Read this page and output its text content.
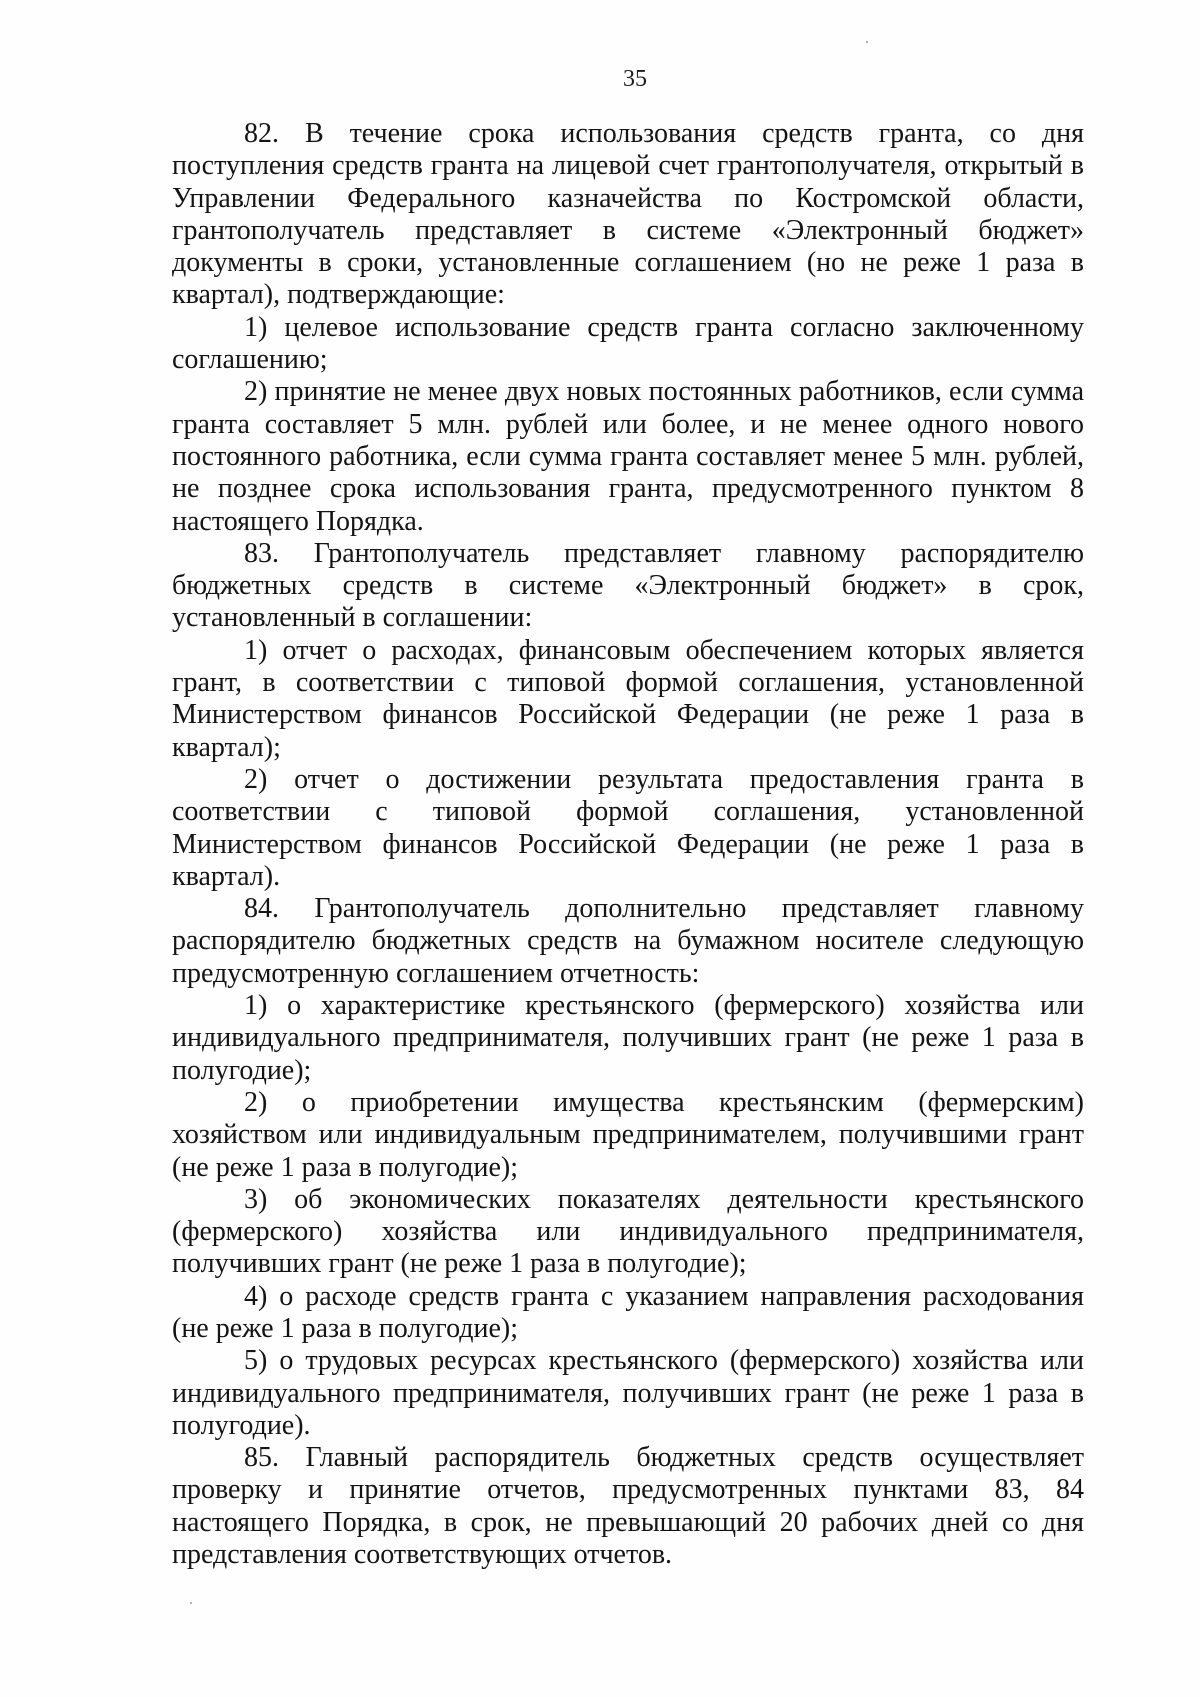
35

82. В течение срока использования средств гранта, со дня поступления средств гранта на лицевой счет грантополучателя, открытый в Управлении Федерального казначейства по Костромской области, грантополучатель представляет в системе «Электронный бюджет» документы в сроки, установленные соглашением (но не реже 1 раза в квартал), подтверждающие:

1) целевое использование средств гранта согласно заключенному соглашению;

2) принятие не менее двух новых постоянных работников, если сумма гранта составляет 5 млн. рублей или более, и не менее одного нового постоянного работника, если сумма гранта составляет менее 5 млн. рублей, не позднее срока использования гранта, предусмотренного пунктом 8 настоящего Порядка.

83. Грантополучатель представляет главному распорядителю бюджетных средств в системе «Электронный бюджет» в срок, установленный в соглашении:

1) отчет о расходах, финансовым обеспечением которых является грант, в соответствии с типовой формой соглашения, установленной Министерством финансов Российской Федерации (не реже 1 раза в квартал);

2) отчет о достижении результата предоставления гранта в соответствии с типовой формой соглашения, установленной Министерством финансов Российской Федерации (не реже 1 раза в квартал).

84. Грантополучатель дополнительно представляет главному распорядителю бюджетных средств на бумажном носителе следующую предусмотренную соглашением отчетность:

1) о характеристике крестьянского (фермерского) хозяйства или индивидуального предпринимателя, получивших грант (не реже 1 раза в полугодие);

2) о приобретении имущества крестьянским (фермерским) хозяйством или индивидуальным предпринимателем, получившими грант (не реже 1 раза в полугодие);

3) об экономических показателях деятельности крестьянского (фермерского) хозяйства или индивидуального предпринимателя, получивших грант (не реже 1 раза в полугодие);

4) о расходе средств гранта с указанием направления расходования (не реже 1 раза в полугодие);

5) о трудовых ресурсах крестьянского (фермерского) хозяйства или индивидуального предпринимателя, получивших грант (не реже 1 раза в полугодие).

85. Главный распорядитель бюджетных средств осуществляет проверку и принятие отчетов, предусмотренных пунктами 83, 84 настоящего Порядка, в срок, не превышающий 20 рабочих дней со дня представления соответствующих отчетов.
